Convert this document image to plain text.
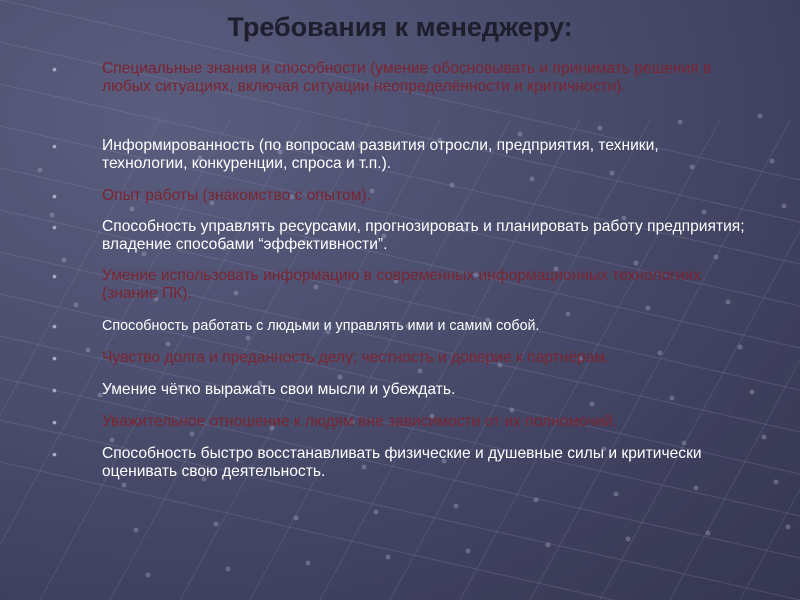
Требования к менеджеру:
•	Специальные знания и способности (умение обосновывать и принимать решения в любых ситуациях, включая ситуации неопределённости и критичности).
•	Информированность (по вопросам развития отросли, предприятия, техники, технологии, конкуренции, спроса и т.п.).
•	Опыт работы (знакомство с опытом).
•	Способность управлять ресурсами, прогнозировать и планировать работу предприятия; владение способами “эффективности”.
•	Умение использовать информацию в современных информационных технологиях (знание ПК).
•	Способность работать с людьми и управлять ими и самим собой.
•	Чувство долга и преданность делу; честность и доверие к партнёрам.
•	Умение чётко выражать свои мысли и убеждать.
•	Уважительное отношение к людям вне зависимости от их полномочий.
•	Способность быстро восстанавливать физические и душевные силы и критически оценивать свою деятельность.
